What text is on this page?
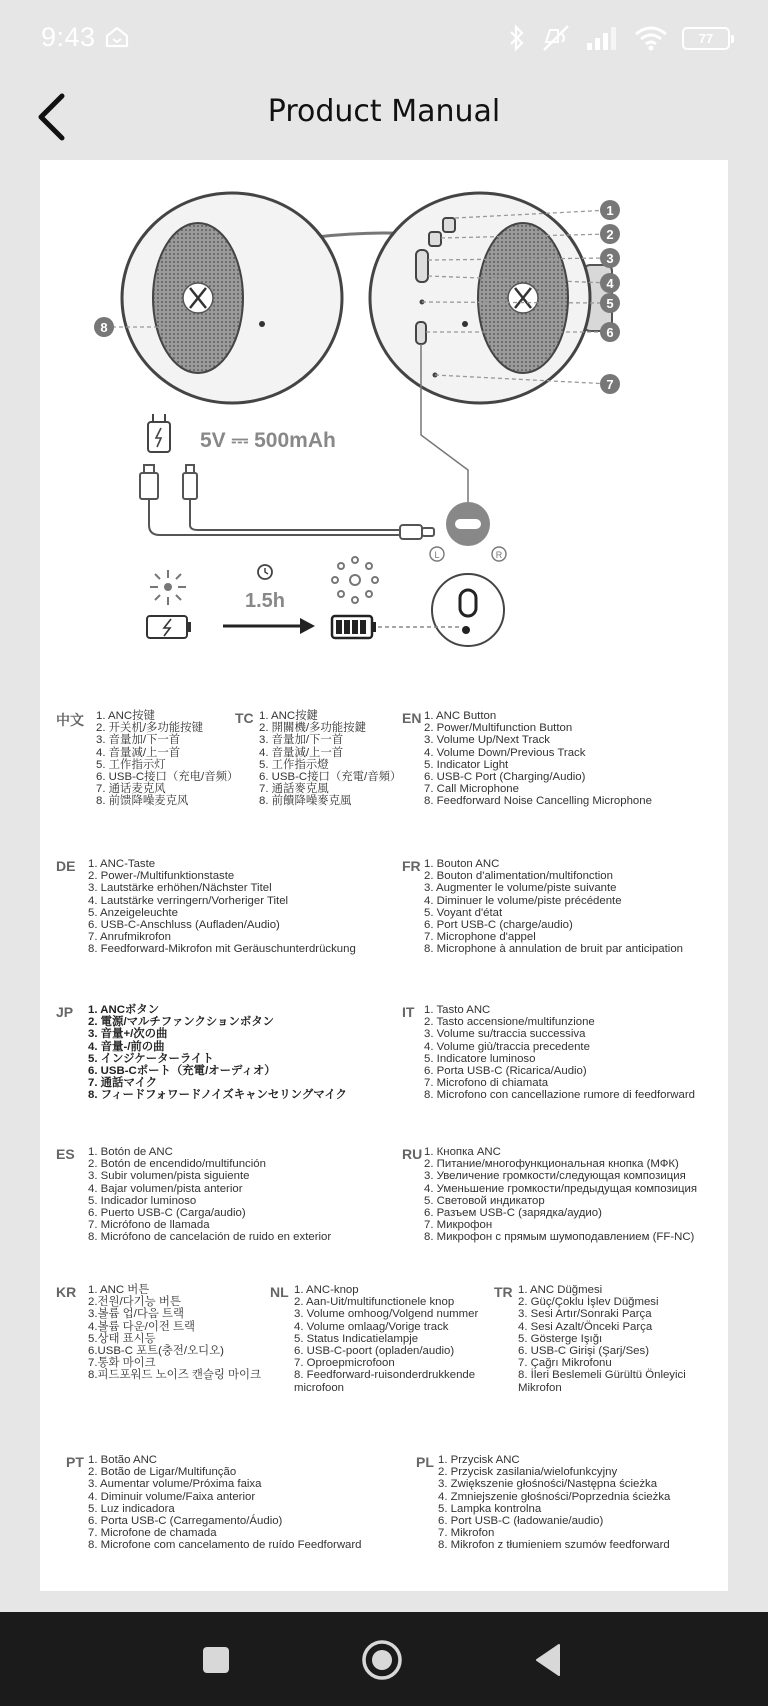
9:43	77
Product Manual
1
2
3
4
5
6
7
8
5V ⎓ 500mAh
L	R
1.5h
中文 1. ANC按键
2. 开关机/多功能按键
3. 音量加/下一首
4. 音量减/上一首
5. 工作指示灯
6. USB-C接口（充电/音频）
7. 通话麦克风
8. 前馈降噪麦克风
TC 1. ANC按鍵
2. 開關機/多功能按鍵
3. 音量加/下一首
4. 音量減/上一首
5. 工作指示燈
6. USB-C接口（充電/音頻）
7. 通話麥克風
8. 前饋降噪麥克風
EN 1. ANC Button
2. Power/Multifunction Button
3. Volume Up/Next Track
4. Volume Down/Previous Track
5. Indicator Light
6. USB-C Port (Charging/Audio)
7. Call Microphone
8. Feedforward Noise Cancelling Microphone
DE 1. ANC-Taste
2. Power-/Multifunktionstaste
3. Lautstärke erhöhen/Nächster Titel
4. Lautstärke verringern/Vorheriger Titel
5. Anzeigeleuchte
6. USB-C-Anschluss (Aufladen/Audio)
7. Anrufmikrofon
8. Feedforward-Mikrofon mit Geräuschunterdrückung
FR 1. Bouton ANC
2. Bouton d'alimentation/multifonction
3. Augmenter le volume/piste suivante
4. Diminuer le volume/piste précédente
5. Voyant d'état
6. Port USB-C (charge/audio)
7. Microphone d'appel
8. Microphone à annulation de bruit par anticipation
JP 1. ANCボタン
2. 電源/マルチファンクションボタン
3. 音量+/次の曲
4. 音量-/前の曲
5. インジケーターライト
6. USB-Cポート（充電/オーディオ）
7. 通話マイク
8. フィードフォワードノイズキャンセリングマイク
IT 1. Tasto ANC
2. Tasto accensione/multifunzione
3. Volume su/traccia successiva
4. Volume giù/traccia precedente
5. Indicatore luminoso
6. Porta USB-C (Ricarica/Audio)
7. Microfono di chiamata
8. Microfono con cancellazione rumore di feedforward
ES 1. Botón de ANC
2. Botón de encendido/multifunción
3. Subir volumen/pista siguiente
4. Bajar volumen/pista anterior
5. Indicador luminoso
6. Puerto USB-C (Carga/audio)
7. Micrófono de llamada
8. Micrófono de cancelación de ruido en exterior
RU 1. Кнопка ANC
2. Питание/многофункциональная кнопка (МФК)
3. Увеличение громкости/следующая композиция
4. Уменьшение громкости/предыдущая композиция
5. Световой индикатор
6. Разъем USB-C (зарядка/аудио)
7. Микрофон
8. Микрофон с прямым шумоподавлением (FF-NC)
KR 1. ANC 버튼
2.전원/다기능 버튼
3.볼륨 업/다음 트랙
4.볼륨 다운/이전 트랙
5.상태 표시등
6.USB-C 포트(충전/오디오)
7.통화 마이크
8.피드포워드 노이즈 캔슬링 마이크
NL 1. ANC-knop
2. Aan-Uit/multifunctionele knop
3. Volume omhoog/Volgend nummer
4. Volume omlaag/Vorige track
5. Status Indicatielampje
6. USB-C-poort (opladen/audio)
7. Oproepmicrofoon
8. Feedforward-ruisonderdrukkende microfoon
TR 1. ANC Düğmesi
2. Güç/Çoklu İşlev Düğmesi
3. Sesi Artır/Sonraki Parça
4. Sesi Azalt/Önceki Parça
5. Gösterge Işığı
6. USB-C Girişi (Şarj/Ses)
7. Çağrı Mikrofonu
8. İleri Beslemeli Gürültü Önleyici Mikrofon
PT 1. Botão ANC
2. Botão de Ligar/Multifunção
3. Aumentar volume/Próxima faixa
4. Diminuir volume/Faixa anterior
5. Luz indicadora
6. Porta USB-C (Carregamento/Áudio)
7. Microfone de chamada
8. Microfone com cancelamento de ruído Feedforward
PL 1. Przycisk ANC
2. Przycisk zasilania/wielofunkcyjny
3. Zwiększenie głośności/Następna ścieżka
4. Zmniejszenie głośności/Poprzednia ścieżka
5. Lampka kontrolna
6. Port USB-C (ładowanie/audio)
7. Mikrofon
8. Mikrofon z tłumieniem szumów feedforward
